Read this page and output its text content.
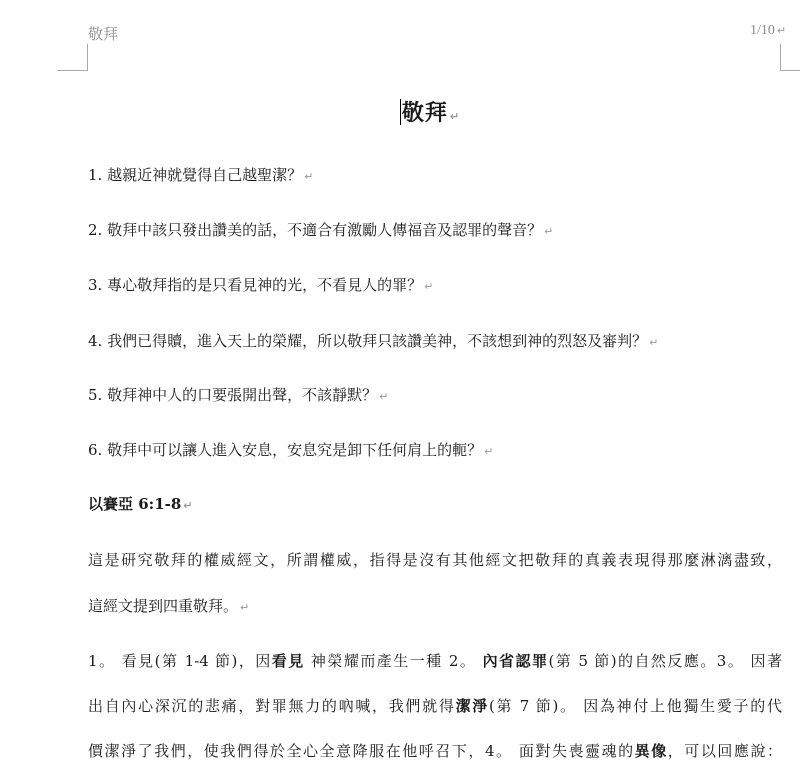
敬拜	1/10 ↵
敬拜 ↵
1. 越親近神就覺得自己越聖潔？ ↵
2. 敬拜中該只發出讚美的話，不適合有激勵人傳福音及認罪的聲音？ ↵
3. 專心敬拜指的是只看見神的光，不看見人的罪？ ↵
4. 我們已得贖，進入天上的榮耀，所以敬拜只該讚美神，不該想到神的烈怒及審判？ ↵
5. 敬拜神中人的口要張開出聲，不該靜默？ ↵
6. 敬拜中可以讓人進入安息，安息究是卸下任何肩上的軛？ ↵
以賽亞 6:1-8 ↵
這是研究敬拜的權威經文，所謂權威，指得是沒有其他經文把敬拜的真義表現得那麼淋漓盡致，
這經文提到四重敬拜。 ↵
1。 看見(第 1-4 節)，因看見 神榮耀而產生一種 2。 內省認罪(第 5 節)的自然反應。3。 因著
出自內心深沉的悲痛，對罪無力的吶喊，我們就得潔淨(第 7 節)。 因為神付上他獨生愛子的代
價潔淨了我們，使我們得於全心全意降服在他呼召下，4。 面對失喪靈魂的異像，可以回應說：
